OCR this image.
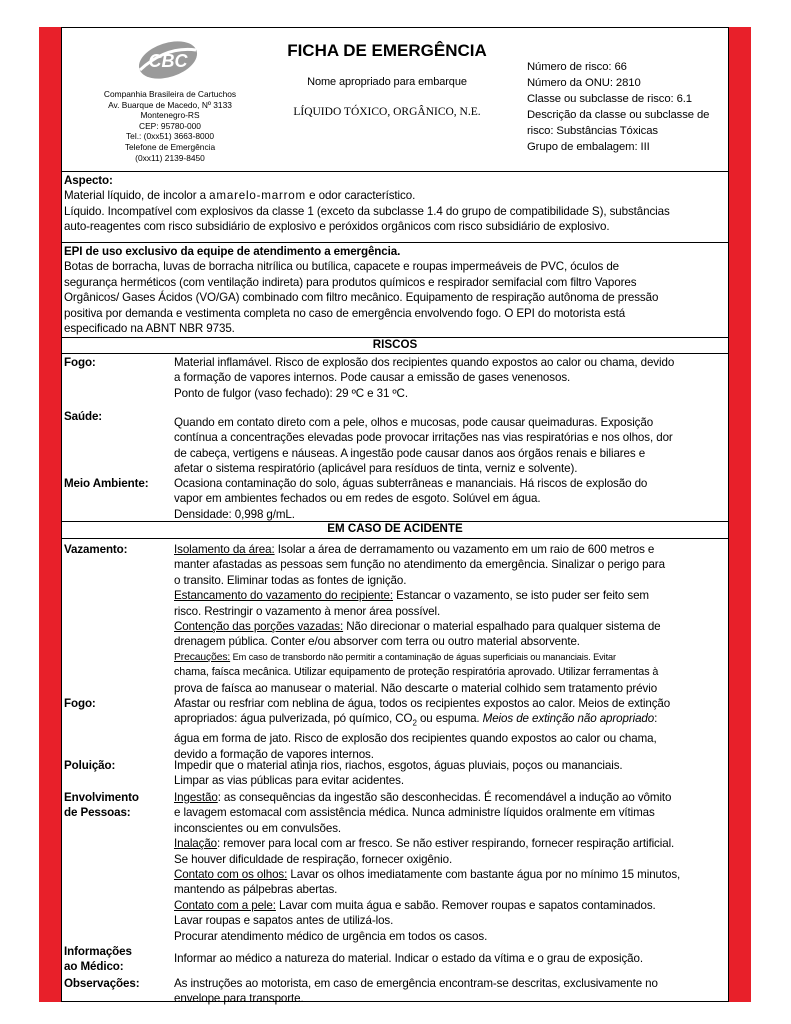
CBC
Companhia Brasileira de Cartuchos
Av. Buarque de Macedo, Nº 3133
Montenegro-RS
CEP: 95780-000
Tel.: (0xx51) 3663-8000
Telefone de Emergência
(0xx11) 2139-8450
FICHA DE EMERGÊNCIA
Nome apropriado para embarque
LÍQUIDO TÓXICO, ORGÂNICO, N.E.
Número de risco: 66
Número da ONU: 2810
Classe ou subclasse de risco: 6.1
Descrição da classe ou subclasse de
risco: Substâncias Tóxicas
Grupo de embalagem: III
Aspecto:
Material líquido, de incolor a amarelo-marrom e odor característico.
Líquido. Incompatível com explosivos da classe 1 (exceto da subclasse 1.4 do grupo de compatibilidade S), substâncias
auto-reagentes com risco subsidiário de explosivo e peróxidos orgânicos com risco subsidiário de explosivo.
EPI de uso exclusivo da equipe de atendimento a emergência.
Botas de borracha, luvas de borracha nitrílica ou butílica, capacete e roupas impermeáveis de PVC, óculos de
segurança herméticos (com ventilação indireta) para produtos químicos e respirador semifacial com filtro Vapores
Orgânicos/ Gases Ácidos (VO/GA) combinado com filtro mecânico. Equipamento de respiração autônoma de pressão
positiva por demanda e vestimenta completa no caso de emergência envolvendo fogo. O EPI do motorista está
especificado na ABNT NBR 9735.
RISCOS
Fogo:	Material inflamável. Risco de explosão dos recipientes quando expostos ao calor ou chama, devido
a formação de vapores internos. Pode causar a emissão de gases venenosos.
Ponto de fulgor (vaso fechado): 29 ºC e 31 ºC.
Saúde:	Quando em contato direto com a pele, olhos e mucosas, pode causar queimaduras. Exposição
contínua a concentrações elevadas pode provocar irritações nas vias respiratórias e nos olhos, dor
de cabeça, vertigens e náuseas. A ingestão pode causar danos aos órgãos renais e biliares e
afetar o sistema respiratório (aplicável para resíduos de tinta, verniz e solvente).
Meio Ambiente:	Ocasiona contaminação do solo, águas subterrâneas e mananciais. Há riscos de explosão do
vapor em ambientes fechados ou em redes de esgoto. Solúvel em água.
Densidade: 0,998 g/mL.
EM CASO DE ACIDENTE
Vazamento:	Isolamento da área: Isolar a área de derramamento ou vazamento em um raio de 600 metros e
manter afastadas as pessoas sem função no atendimento da emergência. Sinalizar o perigo para
o transito. Eliminar todas as fontes de ignição.
Estancamento do vazamento do recipiente: Estancar o vazamento, se isto puder ser feito sem
risco. Restringir o vazamento à menor área possível.
Contenção das porções vazadas: Não direcionar o material espalhado para qualquer sistema de
drenagem pública. Conter e/ou absorver com terra ou outro material absorvente.
Precauções: Em caso de transbordo não permitir a contaminação de águas superficiais ou mananciais. Evitar
chama, faísca mecânica. Utilizar equipamento de proteção respiratória aprovado. Utilizar ferramentas à
prova de faísca ao manusear o material. Não descarte o material colhido sem tratamento prévio
Fogo:	Afastar ou resfriar com neblina de água, todos os recipientes expostos ao calor. Meios de extinção
apropriados: água pulverizada, pó químico, $CO_2$ ou espuma. Meios de extinção não apropriado:
água em forma de jato. Risco de explosão dos recipientes quando expostos ao calor ou chama,
devido a formação de vapores internos.
Poluição:	Impedir que o material atinja rios, riachos, esgotos, águas pluviais, poços ou mananciais.
Limpar as vias públicas para evitar acidentes.
Envolvimento
de Pessoas:
Ingestão: as consequências da ingestão são desconhecidas. É recomendável a indução ao vômito
e lavagem estomacal com assistência médica. Nunca administre líquidos oralmente em vítimas
inconscientes ou em convulsões.
Inalação: remover para local com ar fresco. Se não estiver respirando, fornecer respiração artificial.
Se houver dificuldade de respiração, fornecer oxigênio.
Contato com os olhos: Lavar os olhos imediatamente com bastante água por no mínimo 15 minutos,
mantendo as pálpebras abertas.
Contato com a pele: Lavar com muita água e sabão. Remover roupas e sapatos contaminados.
Lavar roupas e sapatos antes de utilizá-los.
Procurar atendimento médico de urgência em todos os casos.
Informações
ao Médico:
Informar ao médico a natureza do material. Indicar o estado da vítima e o grau de exposição.
Observações:	As instruções ao motorista, em caso de emergência encontram-se descritas, exclusivamente no
envelope para transporte.
